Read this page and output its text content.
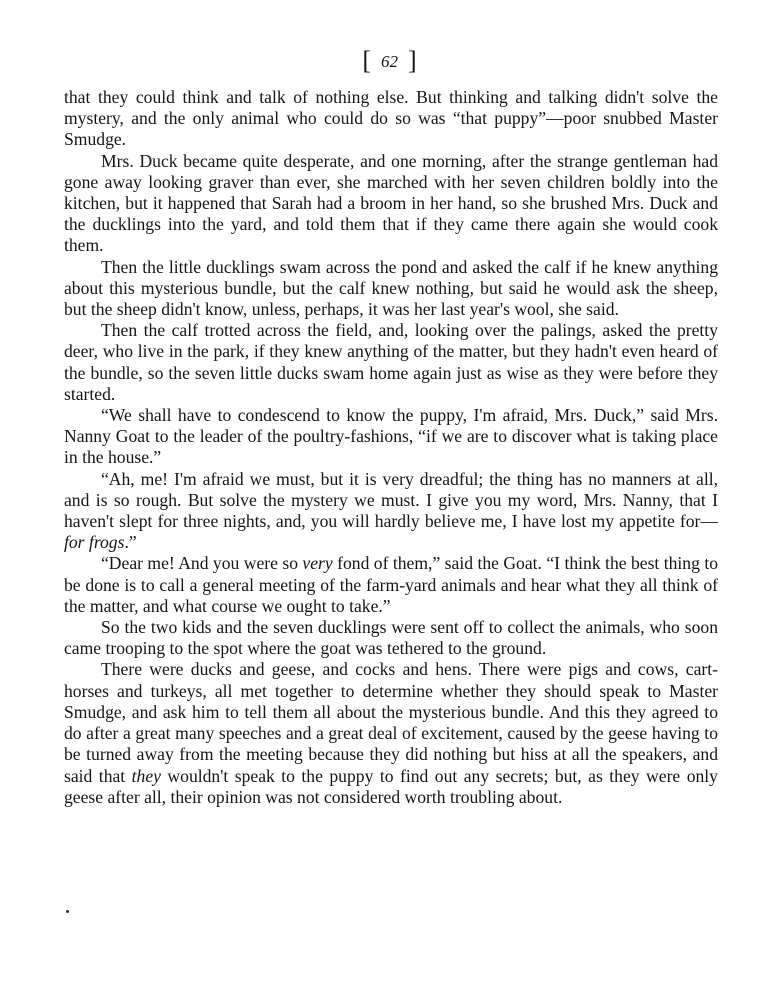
[ 62 ]

that they could think and talk of nothing else. But thinking and talking didn't solve the mystery, and the only animal who could do so was “that puppy”—poor snubbed Master Smudge.

Mrs. Duck became quite desperate, and one morning, after the strange gentleman had gone away looking graver than ever, she marched with her seven children boldly into the kitchen, but it happened that Sarah had a broom in her hand, so she brushed Mrs. Duck and the ducklings into the yard, and told them that if they came there again she would cook them.

Then the little ducklings swam across the pond and asked the calf if he knew anything about this mysterious bundle, but the calf knew nothing, but said he would ask the sheep, but the sheep didn't know, unless, perhaps, it was her last year's wool, she said.

Then the calf trotted across the field, and, looking over the palings, asked the pretty deer, who live in the park, if they knew anything of the matter, but they hadn't even heard of the bundle, so the seven little ducks swam home again just as wise as they were before they started.

“We shall have to condescend to know the puppy, I'm afraid, Mrs. Duck,” said Mrs. Nanny Goat to the leader of the poultry-fashions, “if we are to discover what is taking place in the house.”

“Ah, me! I'm afraid we must, but it is very dreadful; the thing has no manners at all, and is so rough. But solve the mystery we must. I give you my word, Mrs. Nanny, that I haven't slept for three nights, and, you will hardly believe me, I have lost my appetite for—for frogs.”

“Dear me! And you were so very fond of them,” said the Goat. “I think the best thing to be done is to call a general meeting of the farm-yard animals and hear what they all think of the matter, and what course we ought to take.”

So the two kids and the seven ducklings were sent off to collect the animals, who soon came trooping to the spot where the goat was tethered to the ground.

There were ducks and geese, and cocks and hens. There were pigs and cows, cart-horses and turkeys, all met together to determine whether they should speak to Master Smudge, and ask him to tell them all about the mysterious bundle. And this they agreed to do after a great many speeches and a great deal of excitement, caused by the geese having to be turned away from the meeting because they did nothing but hiss at all the speakers, and said that they wouldn't speak to the puppy to find out any secrets; but, as they were only geese after all, their opinion was not considered worth troubling about.
